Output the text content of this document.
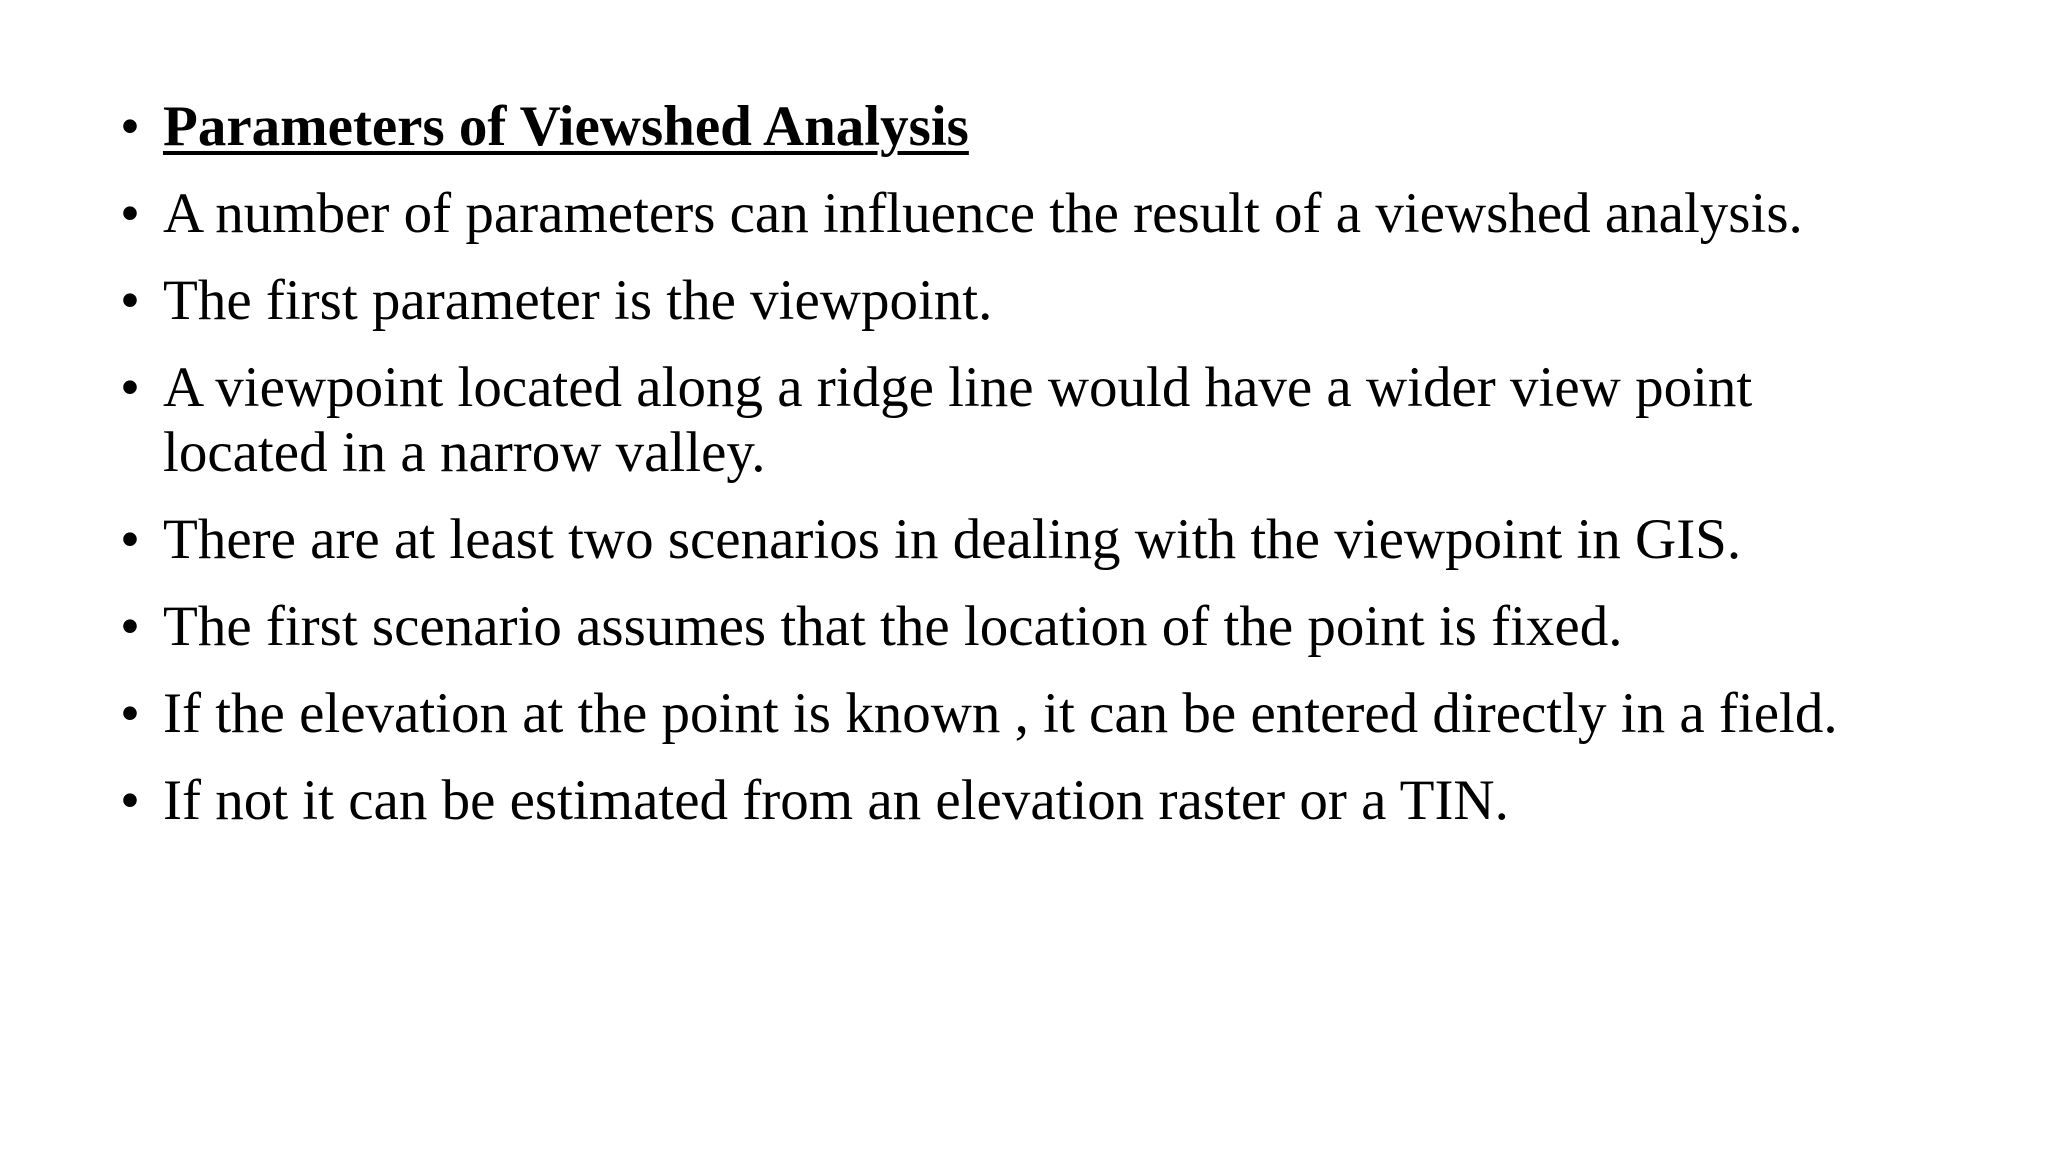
• Parameters of Viewshed Analysis
• A number of parameters can influence the result of a viewshed analysis.
• The first parameter is the viewpoint.
• A viewpoint located along a ridge line would have a wider view point located in a narrow valley.
• There are at least two scenarios in dealing with the viewpoint in GIS.
• The first scenario assumes that the location of the point is fixed.
• If the elevation at the point is known , it can be entered directly in a field.
• If not it can be estimated from an elevation raster or a TIN.
